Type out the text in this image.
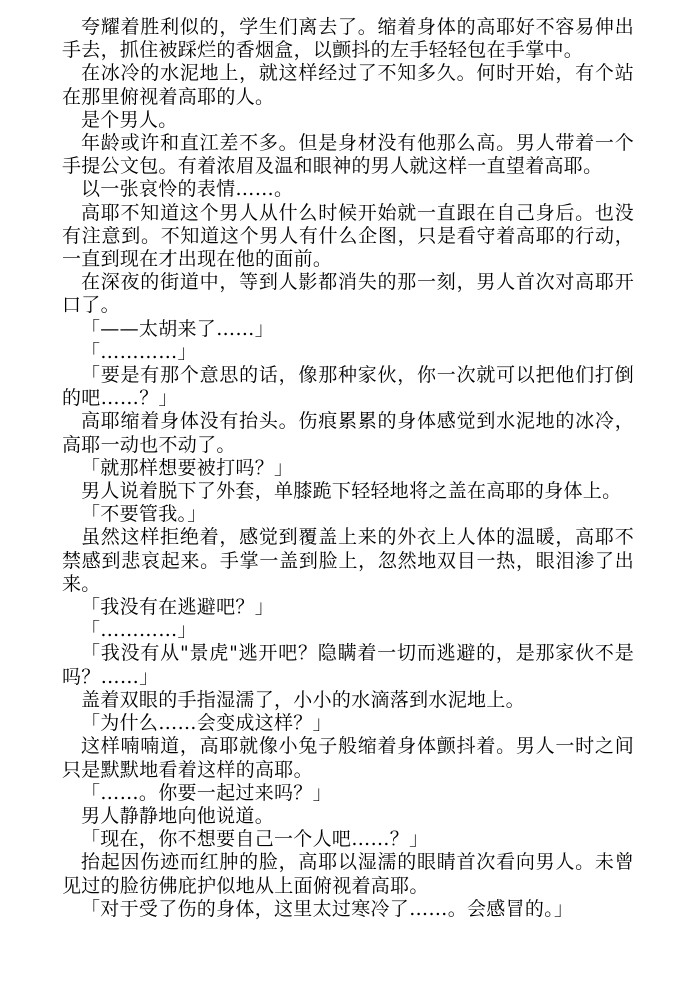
夸耀着胜利似的，学生们离去了。缩着身体的高耶好不容易伸出手去，抓住被踩烂的香烟盒，以颤抖的左手轻轻包在手掌中。

在冰冷的水泥地上，就这样经过了不知多久。何时开始，有个站在那里俯视着高耶的人。

是个男人。

年龄或许和直江差不多。但是身材没有他那么高。男人带着一个手提公文包。有着浓眉及温和眼神的男人就这样一直望着高耶。

以一张哀怜的表情……。

高耶不知道这个男人从什么时候开始就一直跟在自己身后。也没有注意到。不知道这个男人有什么企图，只是看守着高耶的行动，一直到现在才出现在他的面前。

在深夜的街道中，等到人影都消失的那一刻，男人首次对高耶开口了。

「——太胡来了……」

「…………」

「要是有那个意思的话，像那种家伙，你一次就可以把他们打倒的吧……？」

高耶缩着身体没有抬头。伤痕累累的身体感觉到水泥地的冰冷，高耶一动也不动了。

「就那样想要被打吗？」

男人说着脱下了外套，单膝跪下轻轻地将之盖在高耶的身体上。

「不要管我。」

虽然这样拒绝着，感觉到覆盖上来的外衣上人体的温暖，高耶不禁感到悲哀起来。手掌一盖到脸上，忽然地双目一热，眼泪渗了出来。

「我没有在逃避吧？」

「…………」

「我没有从"景虎"逃开吧？隐瞒着一切而逃避的，是那家伙不是吗？……」

盖着双眼的手指湿濡了，小小的水滴落到水泥地上。

「为什么……会变成这样？」

这样喃喃道，高耶就像小兔子般缩着身体颤抖着。男人一时之间只是默默地看着这样的高耶。

「……。你要一起过来吗？」

男人静静地向他说道。

「现在，你不想要自己一个人吧……？」

抬起因伤迹而红肿的脸，高耶以湿濡的眼睛首次看向男人。未曾见过的脸彷佛庇护似地从上面俯视着高耶。

「对于受了伤的身体，这里太过寒冷了……。会感冒的。」
